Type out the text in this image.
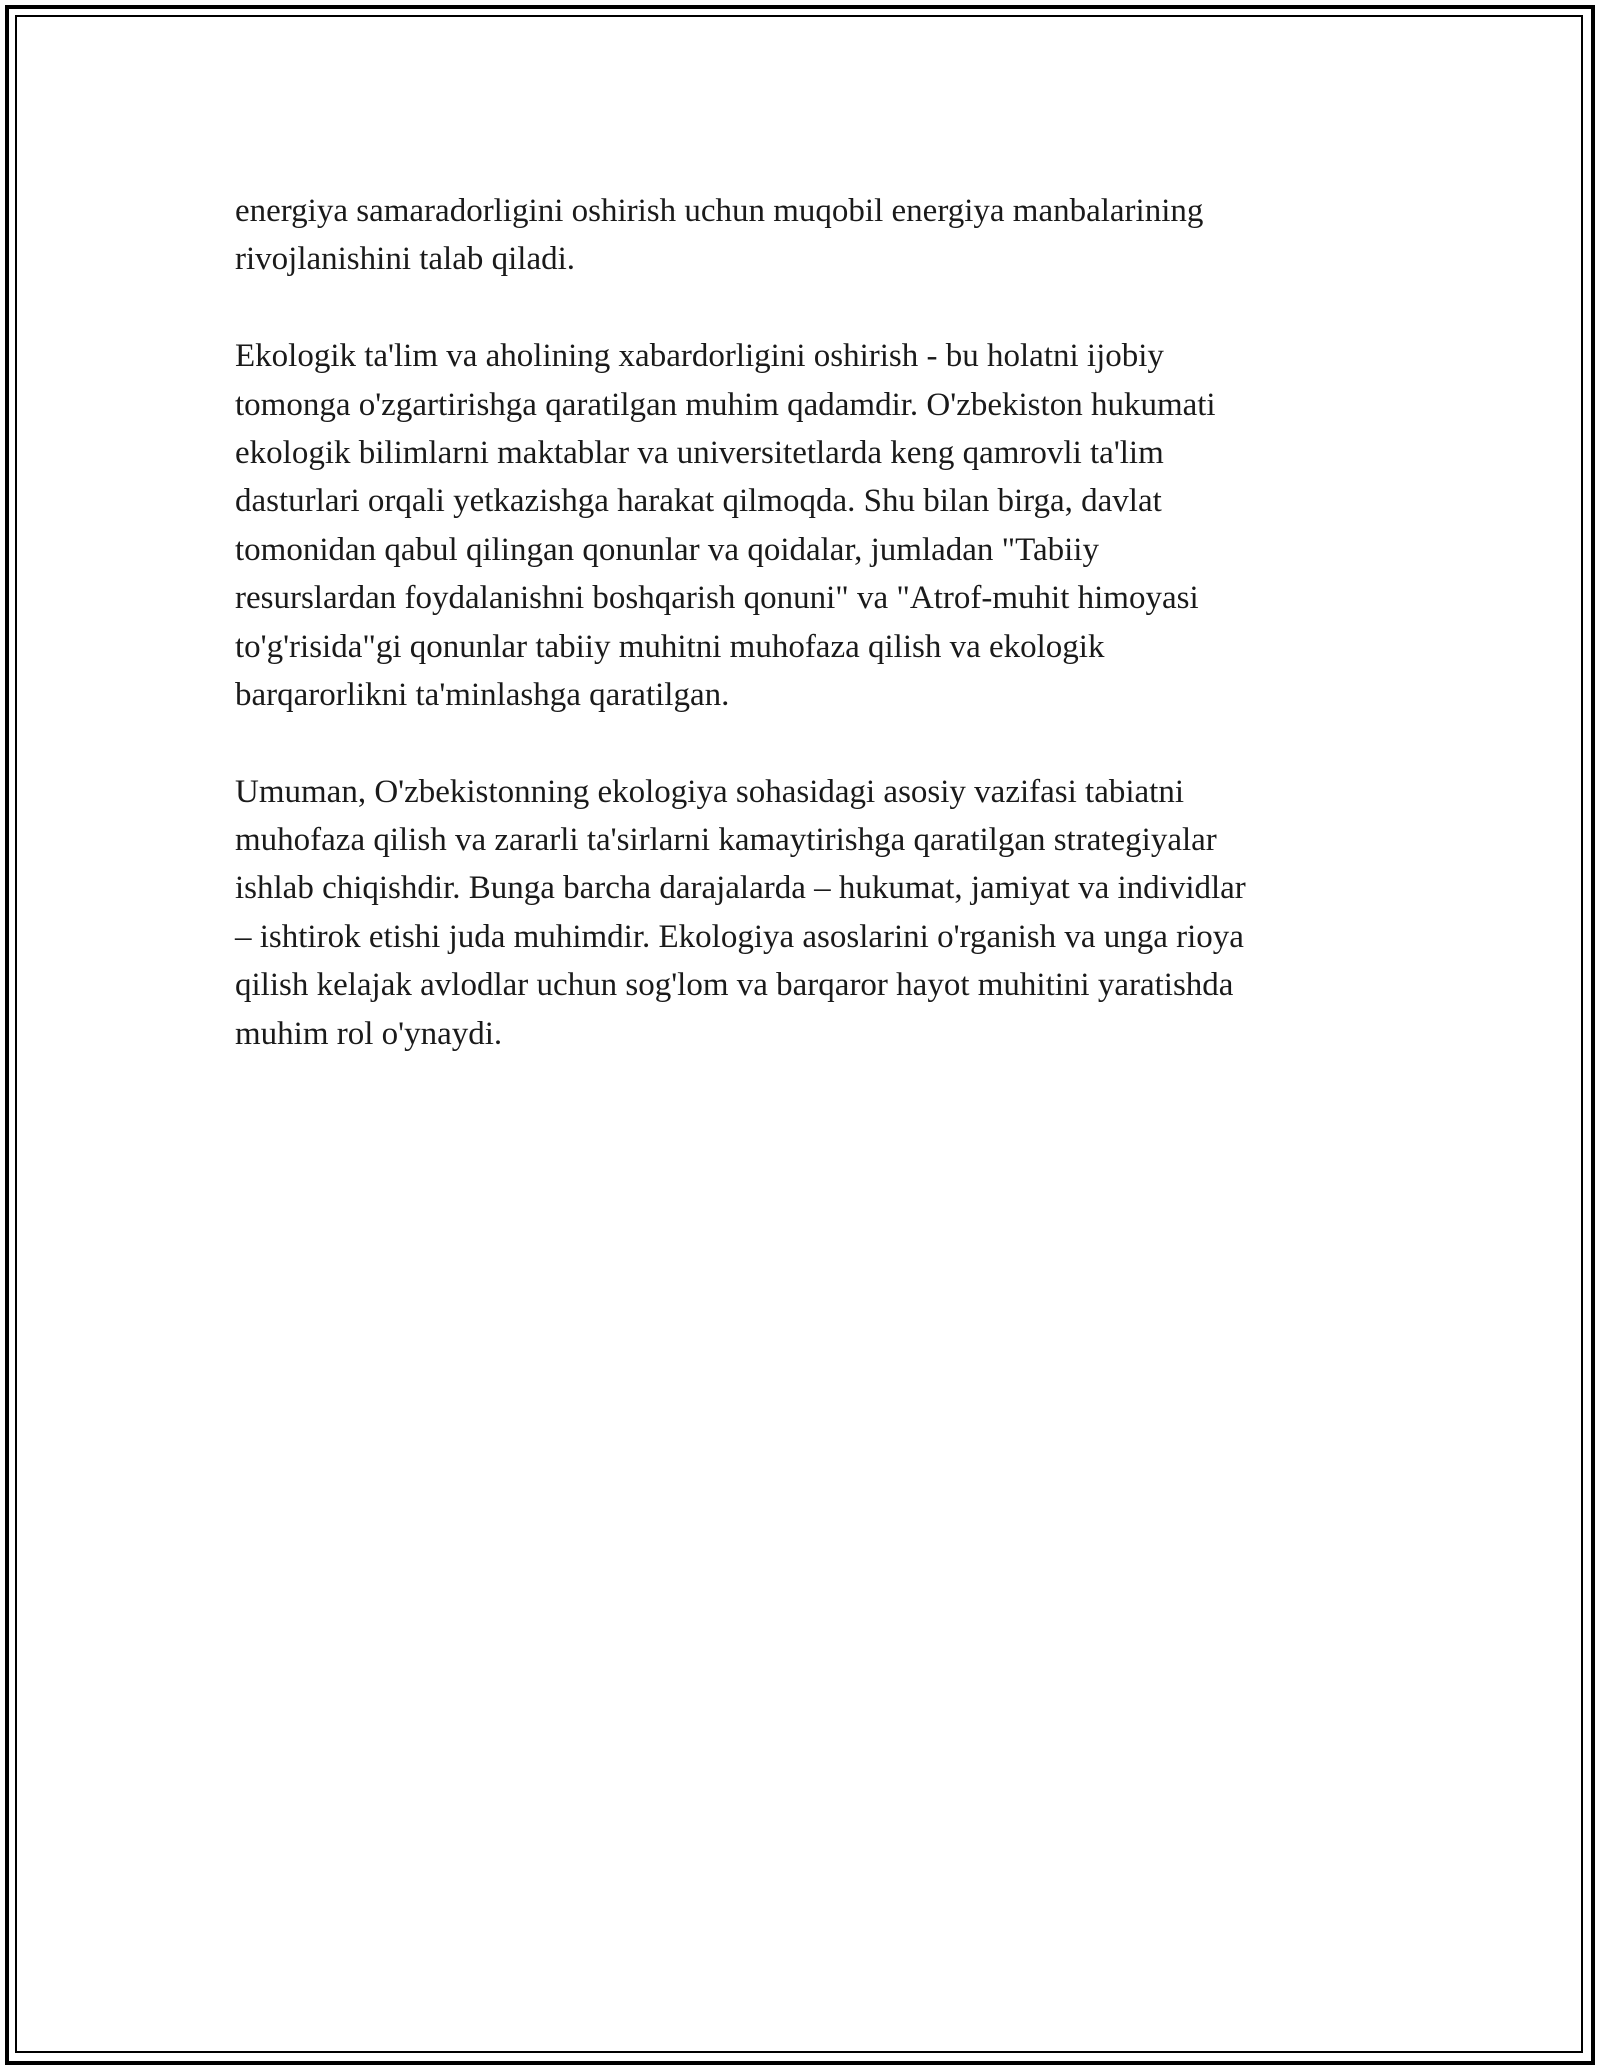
energiya samaradorligini oshirish uchun muqobil energiya manbalarining
rivojlanishini talab qiladi.
Ekologik ta'lim va aholining xabardorligini oshirish - bu holatni ijobiy
tomonga o'zgartirishga qaratilgan muhim qadamdir. O'zbekiston hukumati
ekologik bilimlarni maktablar va universitetlarda keng qamrovli ta'lim
dasturlari orqali yetkazishga harakat qilmoqda. Shu bilan birga, davlat
tomonidan qabul qilingan qonunlar va qoidalar, jumladan "Tabiiy
resurslardan foydalanishni boshqarish qonuni" va "Atrof-muhit himoyasi
to'g'risida"gi qonunlar tabiiy muhitni muhofaza qilish va ekologik
barqarorlikni ta'minlashga qaratilgan.
Umuman, O'zbekistonning ekologiya sohasidagi asosiy vazifasi tabiatni
muhofaza qilish va zararli ta'sirlarni kamaytirishga qaratilgan strategiyalar
ishlab chiqishdir. Bunga barcha darajalarda – hukumat, jamiyat va individlar
– ishtirok etishi juda muhimdir. Ekologiya asoslarini o'rganish va unga rioya
qilish kelajak avlodlar uchun sog'lom va barqaror hayot muhitini yaratishda
muhim rol o'ynaydi.
